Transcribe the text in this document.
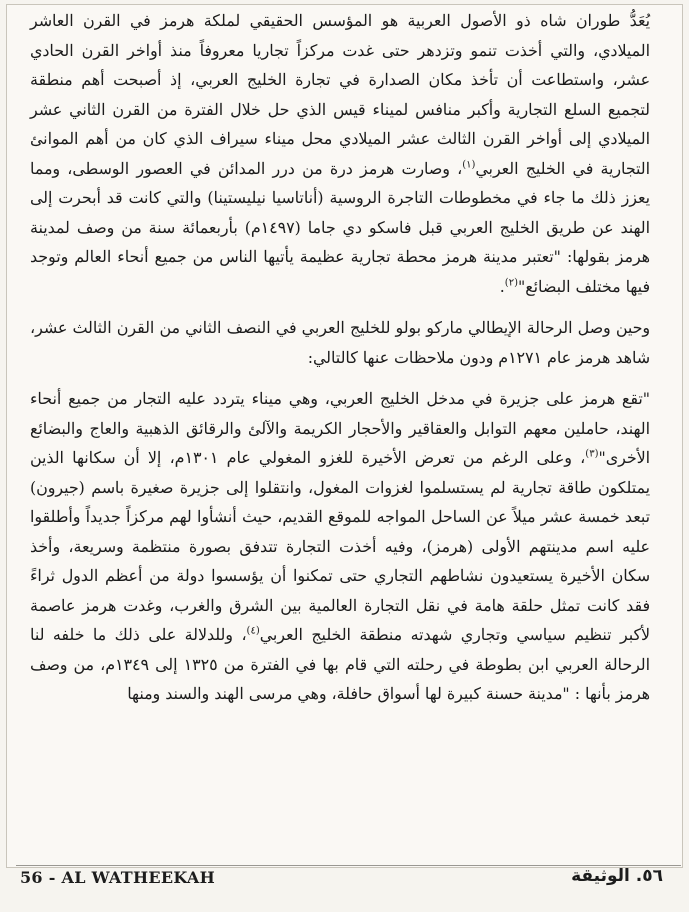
يُعَدُّ طوران شاه ذو الأصول العربية هو المؤسس الحقيقي لملكة هرمز في القرن العاشر الميلادي، والتي أخذت تنمو وتزدهر حتى غدت مركزاً تجاريا معروفاً منذ أواخر القرن الحادي عشر، واستطاعت أن تأخذ مكان الصدارة في تجارة الخليج العربي، إذ أصبحت أهم منطقة لتجميع السلع التجارية وأكبر منافس لميناء قيس الذي حل خلال الفترة من القرن الثاني عشر الميلادي إلى أواخر القرن الثالث عشر الميلادي محل ميناء سيراف الذي كان من أهم الموانئ التجارية في الخليج العربي$^{(١)}$، وصارت هرمز درة من درر المدائن في العصور الوسطى، ومما يعزز ذلك ما جاء في مخطوطات التاجرة الروسية (أناتاسيا نيليستينا) والتي كانت قد أبحرت إلى الهند عن طريق الخليج العربي قبل فاسكو دي جاما (١٤٩٧م) بأربعمائة سنة من وصف لمدينة هرمز بقولها: "تعتبر مدينة هرمز محطة تجارية عظيمة يأتيها الناس من جميع أنحاء العالم وتوجد فيها مختلف البضائع"$^{(٢)}$.

وحين وصل الرحالة الإيطالي ماركو بولو للخليج العربي في النصف الثاني من القرن الثالث عشر، شاهد هرمز عام ١٢٧١م ودون ملاحظات عنها كالتالي:

"تقع هرمز على جزيرة في مدخل الخليج العربي، وهي ميناء يتردد عليه التجار من جميع أنحاء الهند، حاملين معهم التوابل والعقاقير والأحجار الكريمة والآلئ والرقائق الذهبية والعاج والبضائع الأخرى"$^{(٣)}$، وعلى الرغم من تعرض الأخيرة للغزو المغولي عام ١٣٠١م، إلا أن سكانها الذين يمتلكون طاقة تجارية لم يستسلموا لغزوات المغول، وانتقلوا إلى جزيرة صغيرة باسم (جيرون) تبعد خمسة عشر ميلاً عن الساحل المواجه للموقع القديم، حيث أنشأوا لهم مركزاً جديداً وأطلقوا عليه اسم مدينتهم الأولى (هرمز)، وفيه أخذت التجارة تتدفق بصورة منتظمة وسريعة، وأخذ سكان الأخيرة يستعيدون نشاطهم التجاري حتى تمكنوا أن يؤسسوا دولة من أعظم الدول ثراءً فقد كانت تمثل حلقة هامة في نقل التجارة العالمية بين الشرق والغرب، وغدت هرمز عاصمة لأكبر تنظيم سياسي وتجاري شهدته منطقة الخليج العربي$^{(٤)}$، وللدلالة على ذلك ما خلفه لنا الرحالة العربي ابن بطوطة في رحلته التي قام بها في الفترة من ١٣٢٥ إلى ١٣٤٩م، من وصف هرمز بأنها : "مدينة حسنة كبيرة لها أسواق حافلة، وهي مرسى الهند والسند ومنها

56 - AL WATHEEKAH	٥٦. الوثيقة
